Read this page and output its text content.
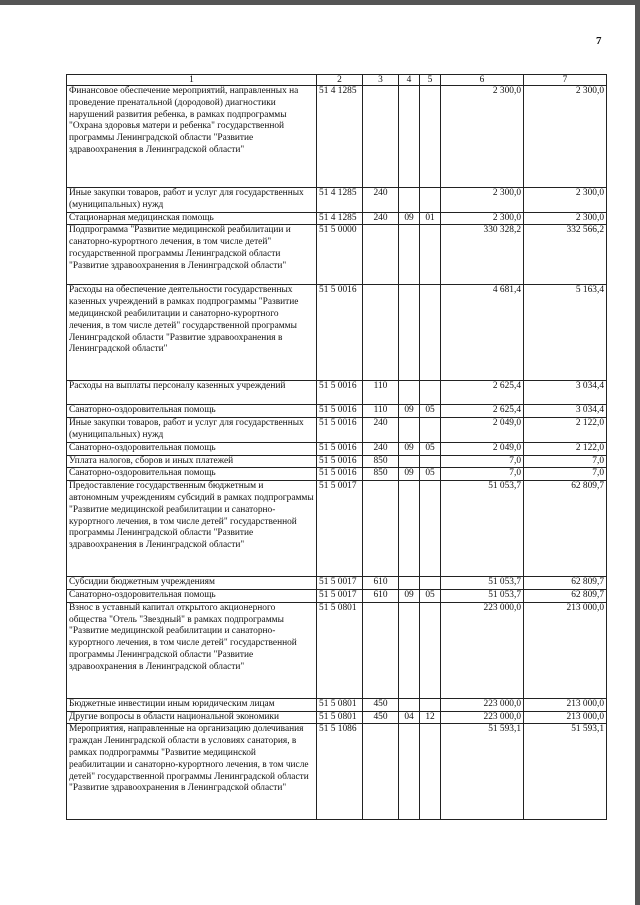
7
1	2	3	4	5	6	7
Финансовое обеспечение мероприятий, направленных на проведение пренатальной (дородовой) диагностики нарушений развития ребенка, в рамках подпрограммы "Охрана здоровья матери и ребенка" государственной программы Ленинградской области "Развитие здравоохранения в Ленинградской области"	51 4 1285				2 300,0	2 300,0
Иные закупки товаров, работ и услуг для государственных (муниципальных) нужд	51 4 1285	240			2 300,0	2 300,0
Стационарная медицинская помощь	51 4 1285	240	09	01	2 300,0	2 300,0
Подпрограмма "Развитие медицинской реабилитации и санаторно-курортного лечения, в том числе детей" государственной программы Ленинградской области "Развитие здравоохранения в Ленинградской области"	51 5 0000				330 328,2	332 566,2
Расходы на обеспечение деятельности государственных казенных учреждений в рамках подпрограммы "Развитие медицинской реабилитации и санаторно-курортного лечения, в том числе детей" государственной программы Ленинградской области "Развитие здравоохранения в Ленинградской области"	51 5 0016				4 681,4	5 163,4
Расходы на выплаты персоналу казенных учреждений	51 5 0016	110			2 625,4	3 034,4
Санаторно-оздоровительная помощь	51 5 0016	110	09	05	2 625,4	3 034,4
Иные закупки товаров, работ и услуг для государственных (муниципальных) нужд	51 5 0016	240			2 049,0	2 122,0
Санаторно-оздоровительная помощь	51 5 0016	240	09	05	2 049,0	2 122,0
Уплата налогов, сборов и иных платежей	51 5 0016	850			7,0	7,0
Санаторно-оздоровительная помощь	51 5 0016	850	09	05	7,0	7,0
Предоставление государственным бюджетным и автономным учреждениям субсидий в рамках подпрограммы "Развитие медицинской реабилитации и санаторно-курортного лечения, в том числе детей" государственной программы Ленинградской области "Развитие здравоохранения в Ленинградской области"	51 5 0017				51 053,7	62 809,7
Субсидии бюджетным учреждениям	51 5 0017	610			51 053,7	62 809,7
Санаторно-оздоровительная помощь	51 5 0017	610	09	05	51 053,7	62 809,7
Взнос в уставный капитал открытого акционерного общества "Отель "Звездный" в рамках подпрограммы "Развитие медицинской реабилитации и санаторно-курортного лечения, в том числе детей" государственной программы Ленинградской области "Развитие здравоохранения в Ленинградской области"	51 5 0801				223 000,0	213 000,0
Бюджетные инвестиции иным юридическим лицам	51 5 0801	450			223 000,0	213 000,0
Другие вопросы в области национальной экономики	51 5 0801	450	04	12	223 000,0	213 000,0
Мероприятия, направленные на организацию долечивания граждан Ленинградской области в условиях санатория, в рамках подпрограммы "Развитие медицинской реабилитации и санаторно-курортного лечения, в том числе детей" государственной программы Ленинградской области "Развитие здравоохранения в Ленинградской области"	51 5 1086				51 593,1	51 593,1
